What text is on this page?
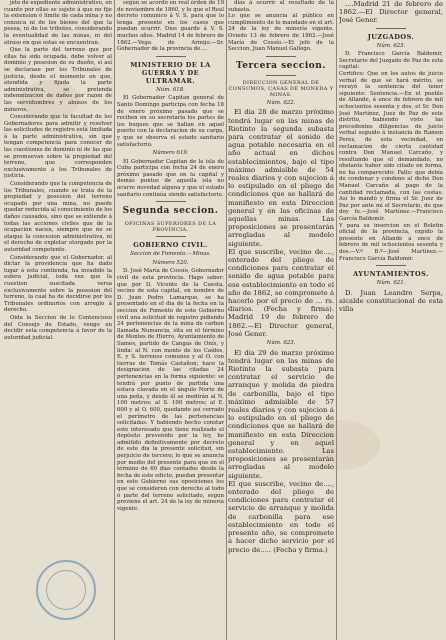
jeto de expediente administrativo, en cuanto por ellas se sujete á que no fije la extension ó límite de cada mina y no conozca ni de los bienes del que la posea, ni de los tributos, considerando la eventualidad de las minas, ni del atraso en que estas se encuentran.

Que la parte del terreno que por ellas ha sido ocupada, debe volver al dominio y posesion de su dueño, si así se declarase por los Tribunales de justicia, desde el momento en que, atendida y fijada la parte administrativa, se pretenda indemnizacion de daños por razon de las servidumbres y abusos de los mineros.

Considerando que la facultad de los Gobernadores para admitir y resolver las solicitudes de registro está limitada á la parte administrativa, sin que tengan competencia para conocer de las cuestiones de dominio ni de las que se promuevan sobre la propiedad del terreno, que corresponden exclusivamente á los Tribunales de justicia.

Considerando que la competencia de los Tribunales, cuando se trata de la propiedad y posesion del terreno ocupado por una mina, no puede quedar reducida al conocimiento de los daños causados, sino que se extiende á todas las acciones civiles que de la ocupacion nacen, siempre que no se ataque la concesion administrativa, ni el derecho de explotar otorgado por la autoridad competente.

Considerando que el Gobernador, al dictar la providencia que ha dado lugar á esta contienda, ha invadido la esfera judicial, toda vez que la cuestion suscitada versa exclusivamente sobre la posesion del terreno, la cual ha de decidirse por los Tribunales ordinarios con arreglo á derecho.

Oida la Seccion de lo Contencioso del Consejo de Estado, vengo en decidir esta competencia á favor de la autoridad judicial.

segun se acordó en real órden de 19 de noviembre de 1860, y lo que el Real decreto comunico á V. S. para que lo tenga presente en los casos que puedan ocurrir. Dios guarde á V. S. muchos años. Madrid 14 de febrero de 1862.—Vega de Armijo.—Sr. Gobernador de la provincia de....

MINISTERIO DE LA GUERRA Y DE ULTRAMAR.
Núm. 618.

El Gobernador Capitan general de Santo Domingo participa con fecha 18 de enero próximo pasado que se reciben en su secretaría los partes de los buques que se hallan en aquel puerto con la declaracion de su carga, y que se observa el estado sanitario satisfactorio.

Número 619.

El Gobernador Capitan de la isla de Cuba participa con fecha 24 de enero próximo pasado que en la capital y demás puntos de aquella isla no ocurre novedad alguna y que el estado sanitario continúa siendo satisfactorio.

Segunda seccion.
OFICINAS SUPERIORES DE LA PROVINCIA.
GOBIERNO CIVIL.
Seccion de Fomento.—Minas.
Número 520.

D. José María de Cossío, Gobernador civil de esta provincia. Hago saber: que por D. Vicente de la Cuesta, vecino de esta capital, en nombre de D. Juan Pedro Lamarque, se ha presentado en el dia de la fecha en la seccion de Fomento de este Gobierno civil una solicitud de registro pidiendo 24 pertenencias de la mina de carbon llamada Numancia, sita en el término de Montes de Hierro, Ayuntamiento de Sames, partido de Cangas de Onís, y linda: al N. con monte de los Caídos, E. y S. terrenos comunes y al O. con tierras de Tomás Castañon; hace la designacion de las citadas 24 pertenencias en la forma siguiente: se tendrá por punto de partida una estaca clavada en el ángulo Norte de una peña, y desde él se medirán al N. 100 metros; al S. 100 metros; al E. 600 y al O. 600, quedando así cerrado el perímetro de las pertenencias solicitadas. Y habiendo hecho constar este interesado que tiene realizado el depósito prevenido por la ley, he admitido definitivamente por decreto de este dia la presente solicitud, sin perjuicio de tercero; lo que se anuncia por medio del presente para que en el término de 60 dias contados desde la fecha de este edicto, puedan presentar en este Gobierno sus oposiciones los que se consideren con derecho al todo ó parte del terreno solicitado, segun previene el art. 24 de la ley de minería vigente.

dias á ocurrir al resultado de la subasta.
Lo que se anuncia al público en cumplimiento de lo mandado en el art. 24 de la ley de minería vigente. Oviedo 13 de febrero de 1862.—José María de Cossío.—El jefe de la Seccion, Juan Manuel Gallego.

Tercera seccion.
DIRECCION GENERAL DE CONSUMOS, CASAS DE MONEDA Y MINAS.
Núm. 622.

El dia 28 de marzo próximo tendrá lugar en las minas de Riotinto la segunda subasta para contratar el sonido de agua potable necesaria en el año actual en dichos establecimientos, bajo el tipo máximo admisible de 54 reales diarios y con sujecion á lo estipulado en el pliego de condiciones que se hallará de manifiesto en esta Direccion general y en las oficinas de aquellas minas. Las proposiciones se presentarán arregladas al modelo siguiente.
El que suscribe, vecino de...., enterado del pliego de condiciones para contratar el sonido de agua potable para ese establecimiento en todo el año de 1862, se compromete á hacerlo por el precio de ... rs. diarios. (Fecha y firma). Madrid 19 de febrero de 1862.—El Director general, José Gener.

Núm. 623.

El dia 29 de marzo próximo tendrá lugar en las minas de Riotinto la subasta para contratar el servicio de arranque y molida de piedra de carbonilla, bajo el tipo máximo admisible de 57 reales diarios y con sujecion á lo estipulado en el pliego de condiciones que se hallará de manifiesto en esta Direccion general y en aquel establecimiento. Las proposiciones se presentarán arregladas al modelo siguiente.
El que suscribe, vecino de...., enterado del pliego de condiciones para contratar el servicio de arranque y molida de carbonilla para ese establecimiento en todo el presente año, se compromete á hacer dicho servicio por el precio de..... (Fecha y firma.)

....Madrid 21 de febrero de 1862.—El Director general, José Gener.

JUZGADOS.
Núm. 625.

D. Francisco García Baldomir, Secretario del Juzgado de Paz de esta capital:
Certifico: Que en los autos de juicio verbal de que se hará mérito, se recayó la sentencia del tenor siguiente: Sentencia.—En el pueblo de Allande, á once de febrero de mil ochocientos sesenta y dos, el Sr. Don José Martínez, Juez de Paz de este distrito, habiendo visto las precedentes diligencias de juicio verbal seguido á instancia de Ramon Perez, de esta vecindad, en reclamacion de cierta cantidad contra Don Manuel Carcaño, y resultando que el demandado, no obstante haber sido citado en forma, no ha comparecido: Fallo: que debía de condenar y condeno al dicho Don Manuel Carcaño al pago de la cantidad reclamada, con las costas. Así lo mandó y firma el Sr. Juez de Paz por ante mí el Secretario, de que doy fe.—José Martínez.—Francisco García Baldomir.
Y para su insercion en el Boletin oficial de la provincia, expido la presente en Allande á once de febrero de mil ochocientos sesenta y dos.—V.º B.º—José Martínez.—Francisco García Baldomir.

AYUNTAMIENTOS.
Núm. 621.

D. Juan Leandro Serpa, alcalde constitucional de esta villa
